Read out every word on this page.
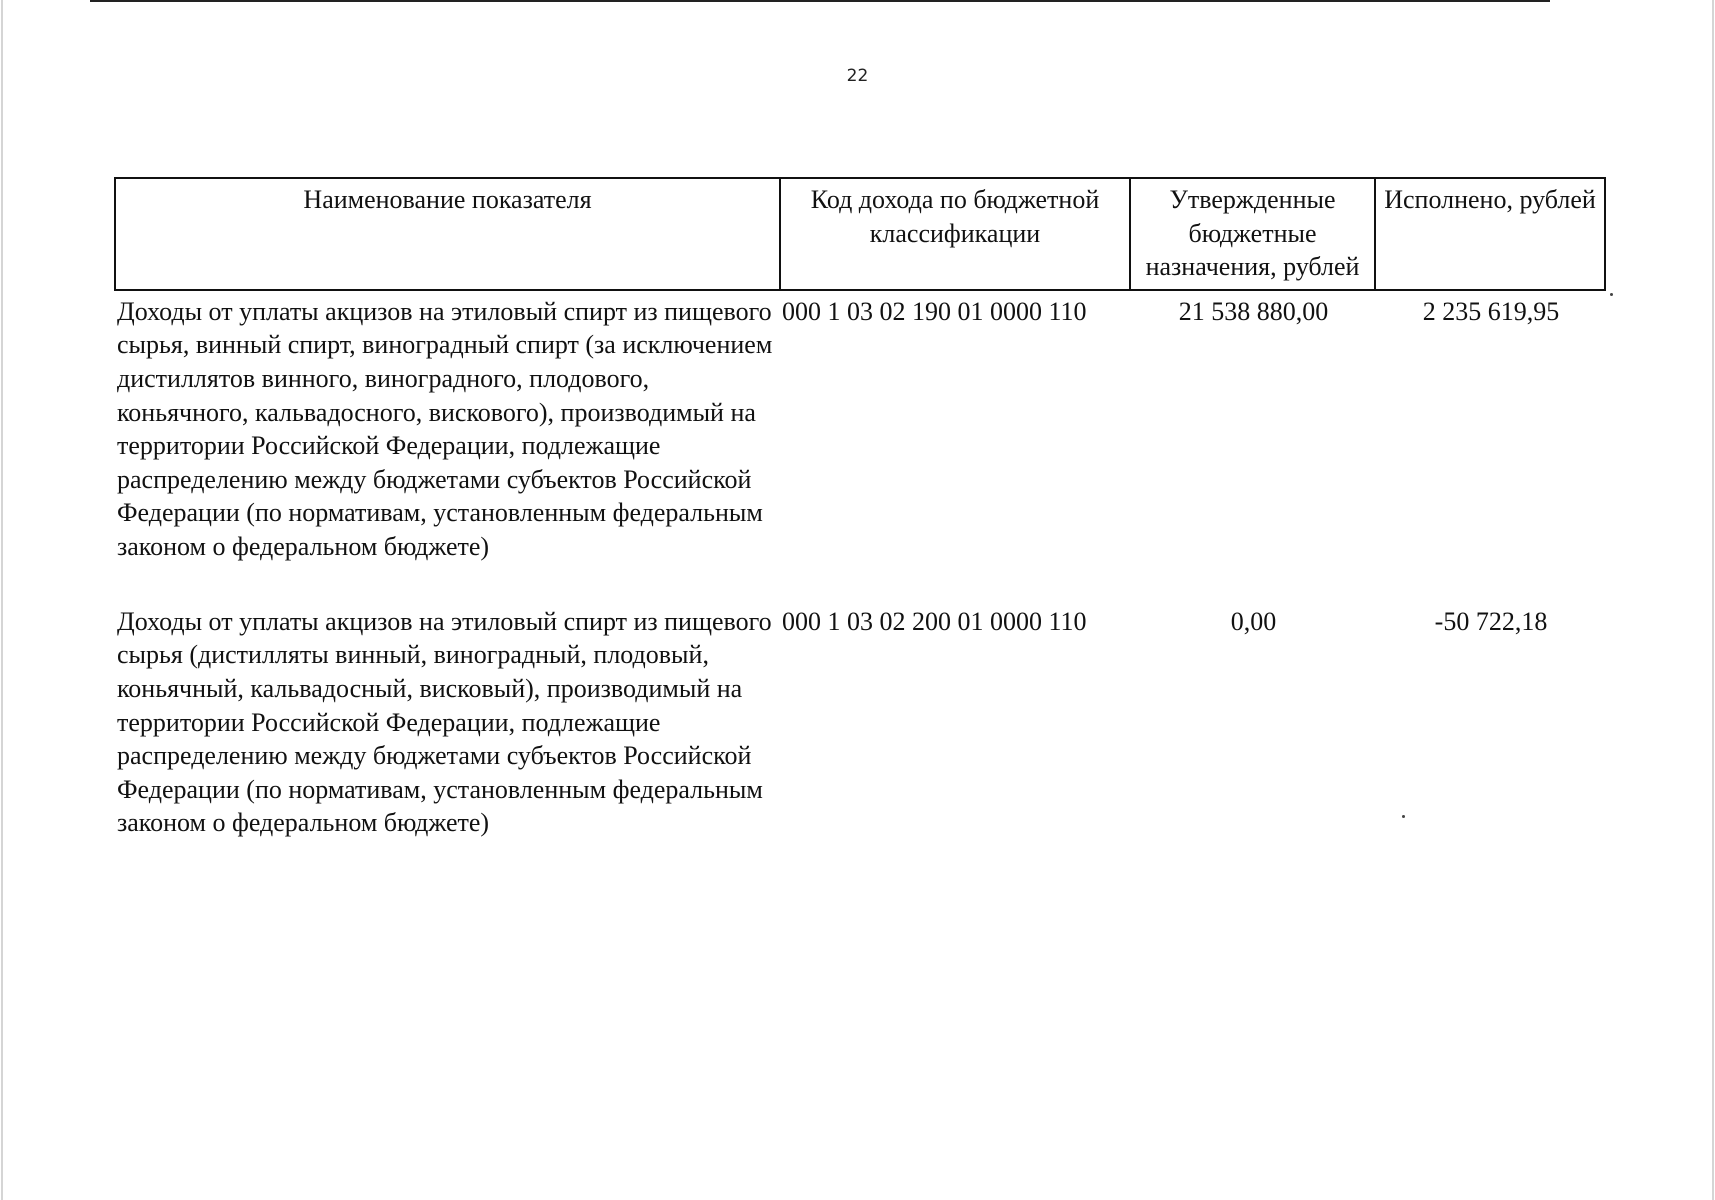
22
Наименование показателя	Код дохода по бюджетной классификации	Утвержденные бюджетные назначения, рублей	Исполнено, рублей
Доходы от уплаты акцизов на этиловый спирт из пищевого сырья, винный спирт, виноградный спирт (за исключением дистиллятов винного, виноградного, плодового, коньячного, кальвадосного, вискового), производимый на территории Российской Федерации, подлежащие распределению между бюджетами субъектов Российской Федерации (по нормативам, установленным федеральным законом о федеральном бюджете)	000 1 03 02 190 01 0000 110	21 538 880,00	2 235 619,95
Доходы от уплаты акцизов на этиловый спирт из пищевого сырья (дистилляты винный, виноградный, плодовый, коньячный, кальвадосный, висковый), производимый на территории Российской Федерации, подлежащие распределению между бюджетами субъектов Российской Федерации (по нормативам, установленным федеральным законом о федеральном бюджете)	000 1 03 02 200 01 0000 110	0,00	-50 722,18
